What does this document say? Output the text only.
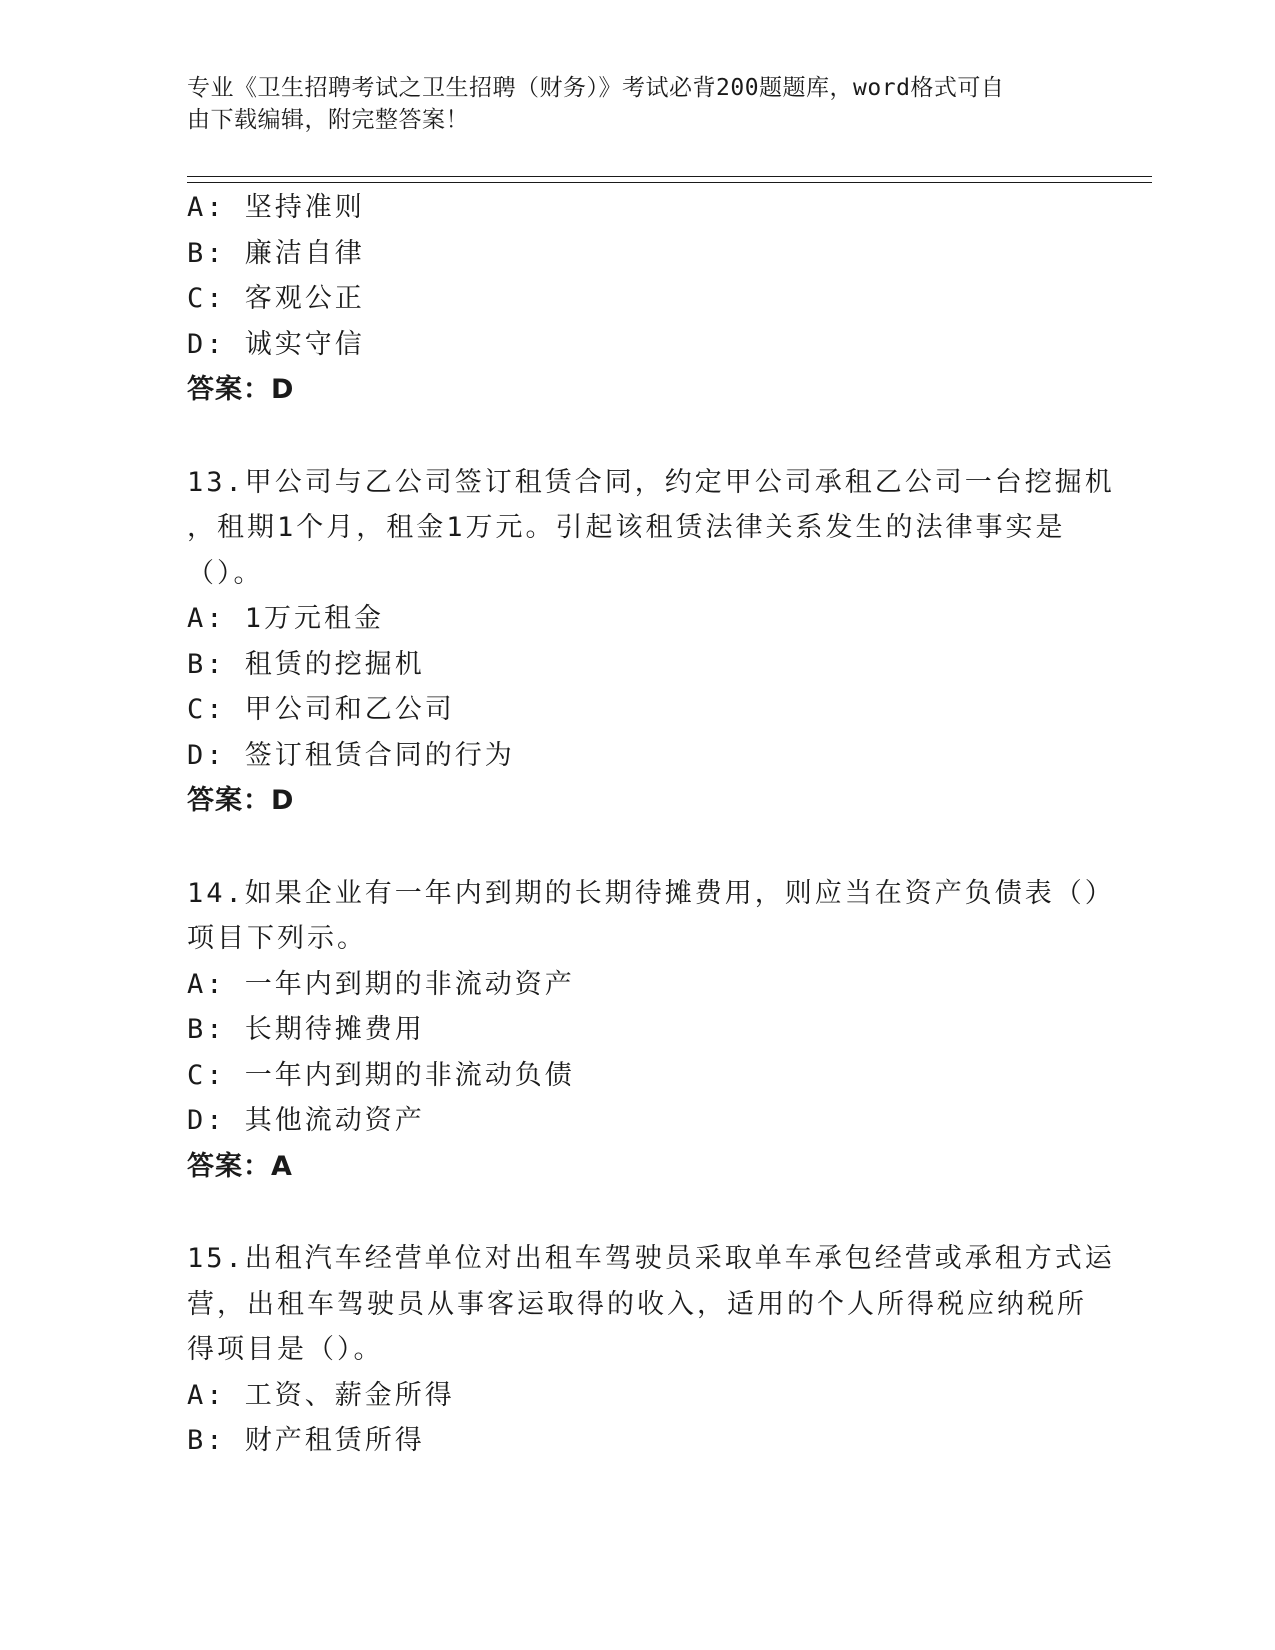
专业《卫生招聘考试之卫生招聘（财务）》考试必背200题题库，word格式可自
由下载编辑，附完整答案！
A: 坚持准则
B: 廉洁自律
C: 客观公正
D: 诚实守信
答案：D
13.甲公司与乙公司签订租赁合同，约定甲公司承租乙公司一台挖掘机
，租期1个月，租金1万元。引起该租赁法律关系发生的法律事实是
（）。
A: 1万元租金
B: 租赁的挖掘机
C: 甲公司和乙公司
D: 签订租赁合同的行为
答案：D
14.如果企业有一年内到期的长期待摊费用，则应当在资产负债表（）
项目下列示。
A: 一年内到期的非流动资产
B: 长期待摊费用
C: 一年内到期的非流动负债
D: 其他流动资产
答案：A
15.出租汽车经营单位对出租车驾驶员采取单车承包经营或承租方式运
营，出租车驾驶员从事客运取得的收入，适用的个人所得税应纳税所
得项目是（）。
A: 工资、薪金所得
B: 财产租赁所得
